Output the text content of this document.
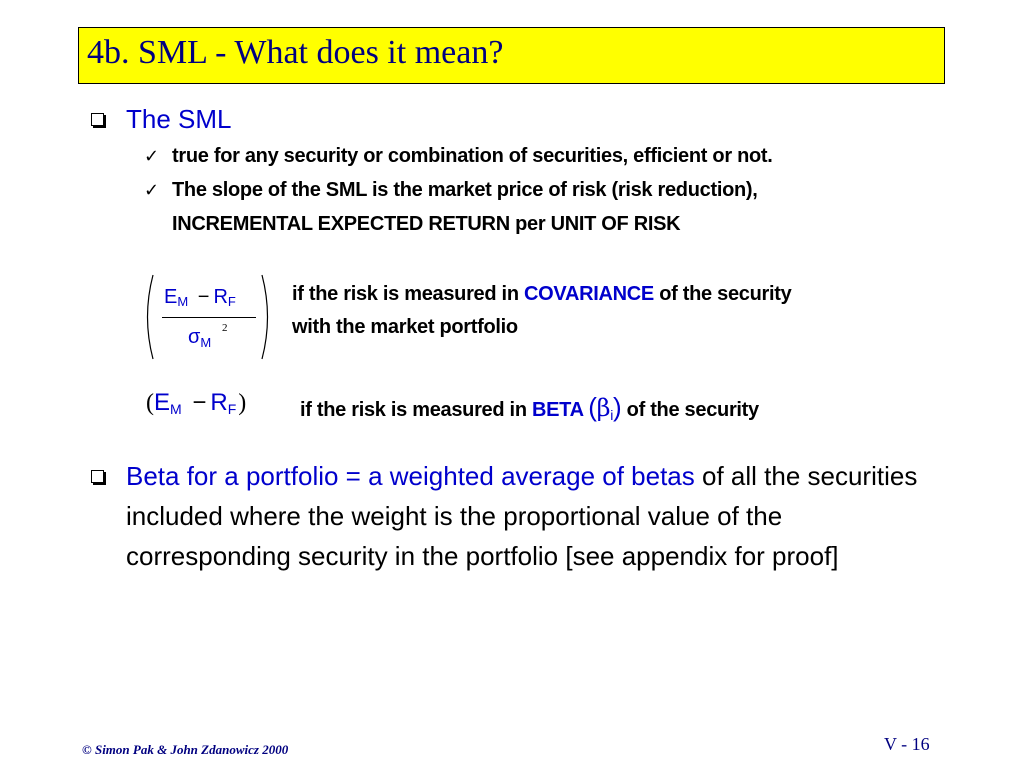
4b. SML - What does it mean?
The SML
✓ true for any security or combination of securities, efficient or not.
✓ The slope of the SML is the market price of risk (risk reduction),
INCREMENTAL EXPECTED RETURN per UNIT OF RISK
EM − RF
$\sigma_M$
2
if the risk is measured in COVARIANCE of the security
with the market portfolio
(EM − RF)	if the risk is measured in BETA $(\beta_i)$ of the security
Beta for a portfolio = a weighted average of betas of all the securities included where the weight is the proportional value of the corresponding security in the portfolio [see appendix for proof]
© Simon Pak & John Zdanowicz 2000	V - 16
